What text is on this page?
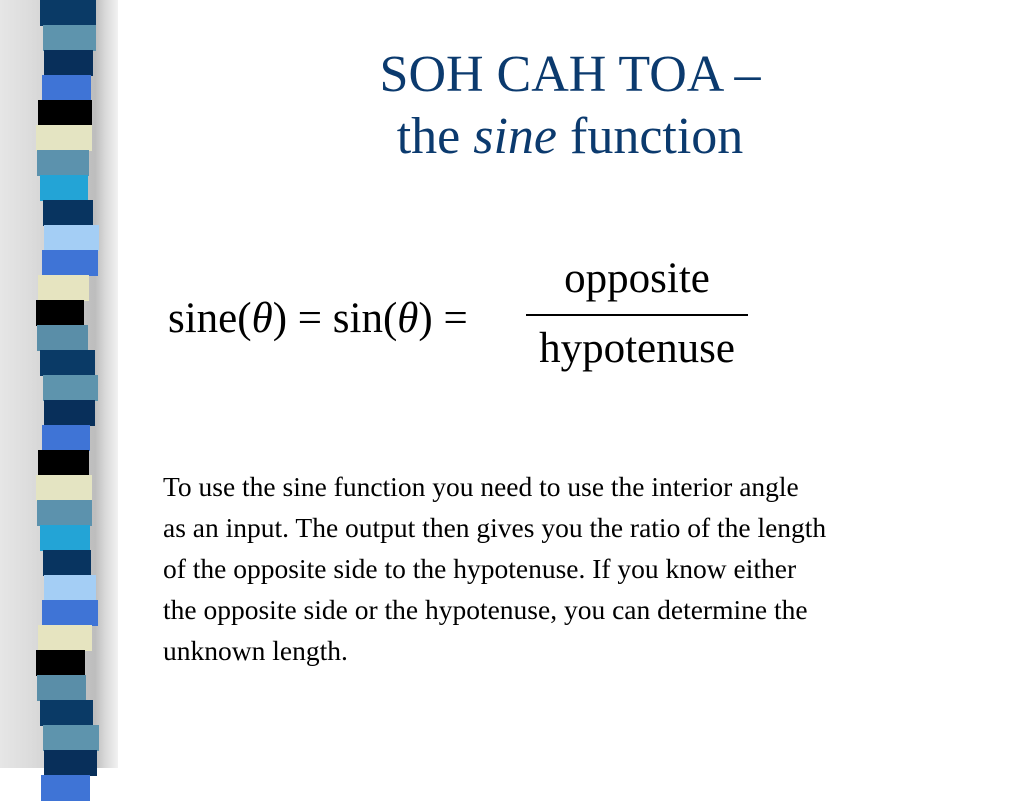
SOH CAH TOA –
the sine function
sine(θ) = sin(θ) =
opposite
hypotenuse
To use the sine function you need to use the interior angle
as an input. The output then gives you the ratio of the length
of the opposite side to the hypotenuse. If you know either
the opposite side or the hypotenuse, you can determine the
unknown length.
